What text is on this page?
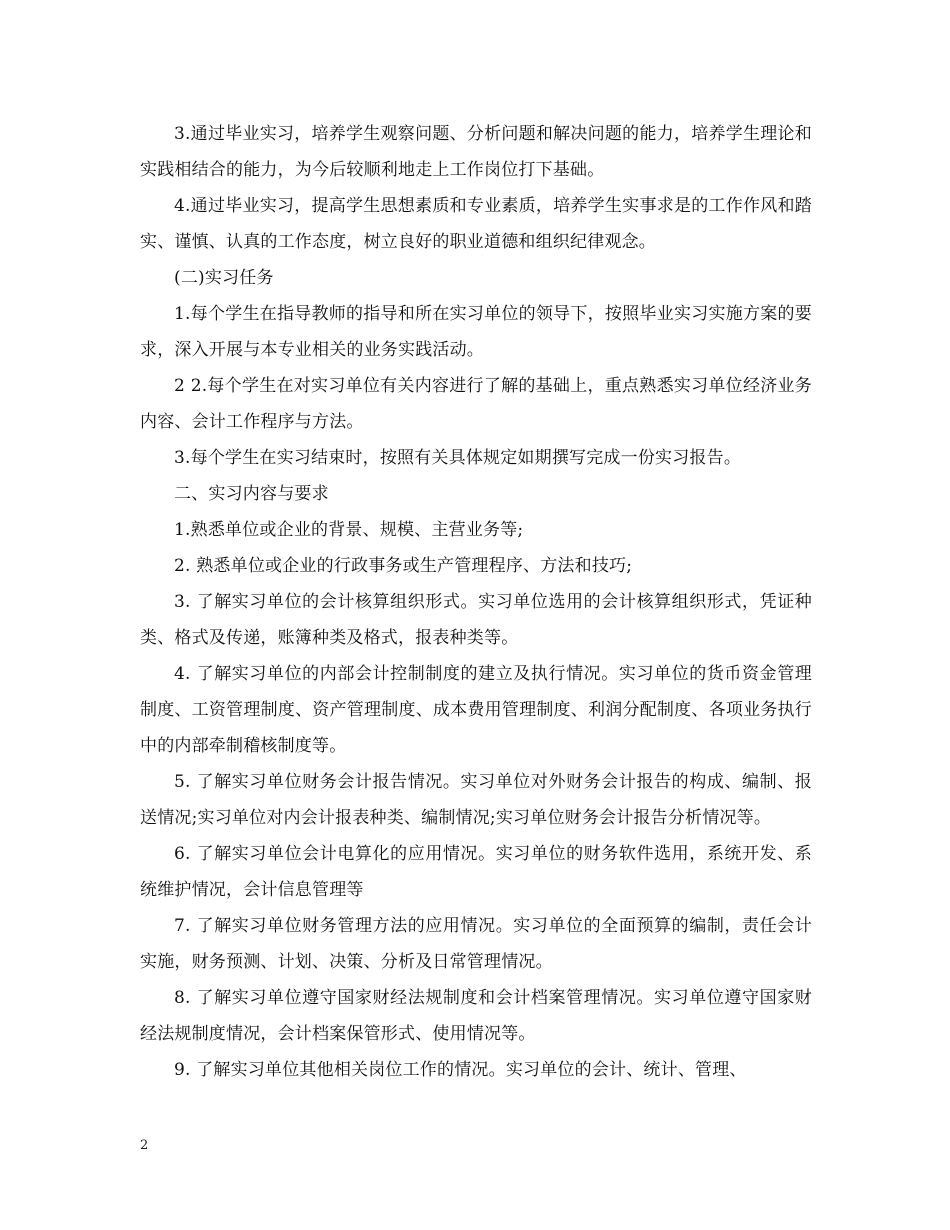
3.通过毕业实习，培养学生观察问题、分析问题和解决问题的能力，培养学生理论和实践相结合的能力，为今后较顺利地走上工作岗位打下基础。

4.通过毕业实习，提高学生思想素质和专业素质，培养学生实事求是的工作作风和踏实、谨慎、认真的工作态度，树立良好的职业道德和组织纪律观念。

(二)实习任务

1.每个学生在指导教师的指导和所在实习单位的领导下，按照毕业实习实施方案的要求，深入开展与本专业相关的业务实践活动。

2 2.每个学生在对实习单位有关内容进行了解的基础上，重点熟悉实习单位经济业务内容、会计工作程序与方法。

3.每个学生在实习结束时，按照有关具体规定如期撰写完成一份实习报告。

二、实习内容与要求

1.熟悉单位或企业的背景、规模、主营业务等;

2. 熟悉单位或企业的行政事务或生产管理程序、方法和技巧;

3. 了解实习单位的会计核算组织形式。实习单位选用的会计核算组织形式，凭证种类、格式及传递，账簿种类及格式，报表种类等。

4. 了解实习单位的内部会计控制制度的建立及执行情况。实习单位的货币资金管理制度、工资管理制度、资产管理制度、成本费用管理制度、利润分配制度、各项业务执行中的内部牵制稽核制度等。

5. 了解实习单位财务会计报告情况。实习单位对外财务会计报告的构成、编制、报送情况;实习单位对内会计报表种类、编制情况;实习单位财务会计报告分析情况等。

6. 了解实习单位会计电算化的应用情况。实习单位的财务软件选用，系统开发、系统维护情况，会计信息管理等

7. 了解实习单位财务管理方法的应用情况。实习单位的全面预算的编制，责任会计实施，财务预测、计划、决策、分析及日常管理情况。

8. 了解实习单位遵守国家财经法规制度和会计档案管理情况。实习单位遵守国家财经法规制度情况，会计档案保管形式、使用情况等。

9. 了解实习单位其他相关岗位工作的情况。实习单位的会计、统计、管理、

2
